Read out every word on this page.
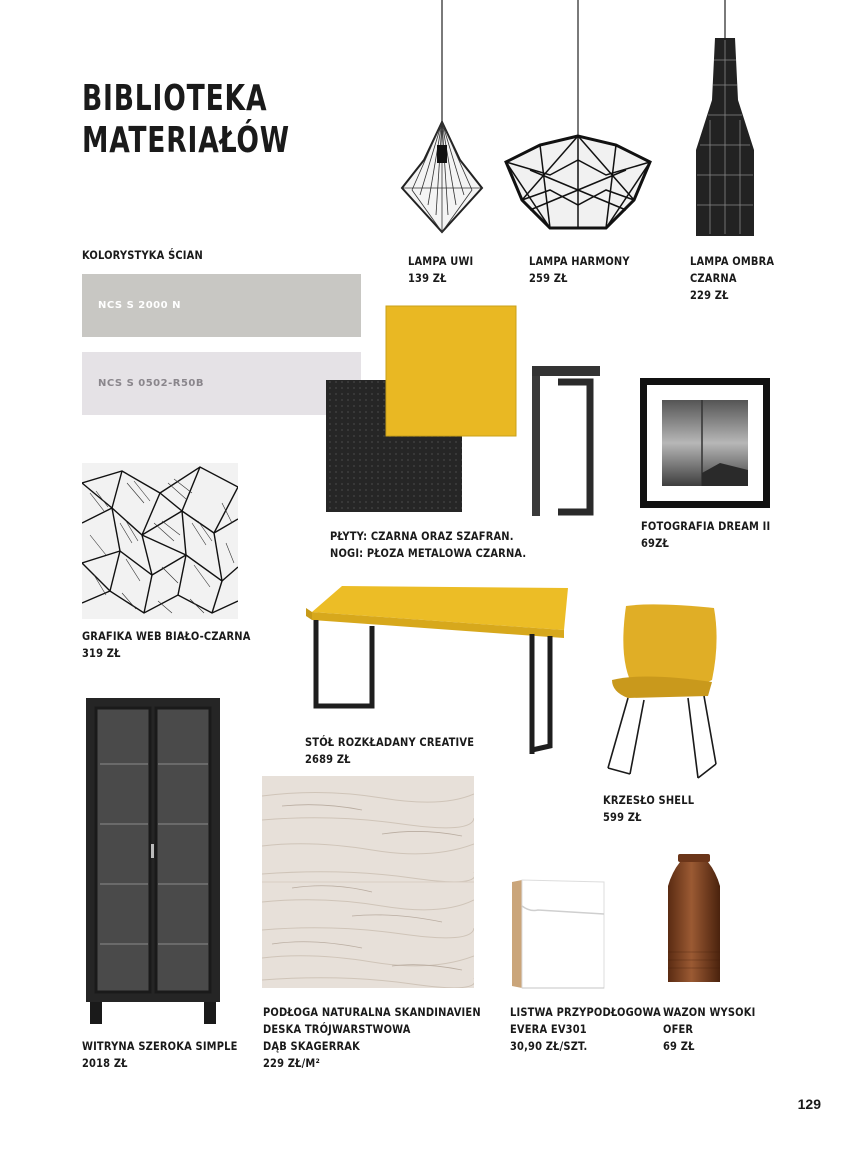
BIBLIOTEKA
MATERIAŁÓW
LAMPA UWI
139 ZŁ
LAMPA HARMONY
259 ZŁ
LAMPA OMBRA
CZARNA
229 ZŁ
KOLORYSTYKA ŚCIAN
NCS S 2000 N
NCS S 0502-R50B
PŁYTY: CZARNA ORAZ SZAFRAN.
NOGI: PŁOZA METALOWA CZARNA.
FOTOGRAFIA DREAM II
69ZŁ
GRAFIKA WEB BIAŁO-CZARNA
319 ZŁ
STÓŁ ROZKŁADANY CREATIVE
2689 ZŁ
KRZESŁO SHELL
599 ZŁ
WITRYNA SZEROKA SIMPLE
2018 ZŁ
PODŁOGA NATURALNA SKANDINAVIEN
DESKA TRÓJWARSTWOWA
DĄB SKAGERRAK
229 ZŁ/M²
LISTWA PRZYPODŁOGOWA
EVERA EV301
30,90 ZŁ/SZT.
WAZON WYSOKI
OFER
69 ZŁ
129
